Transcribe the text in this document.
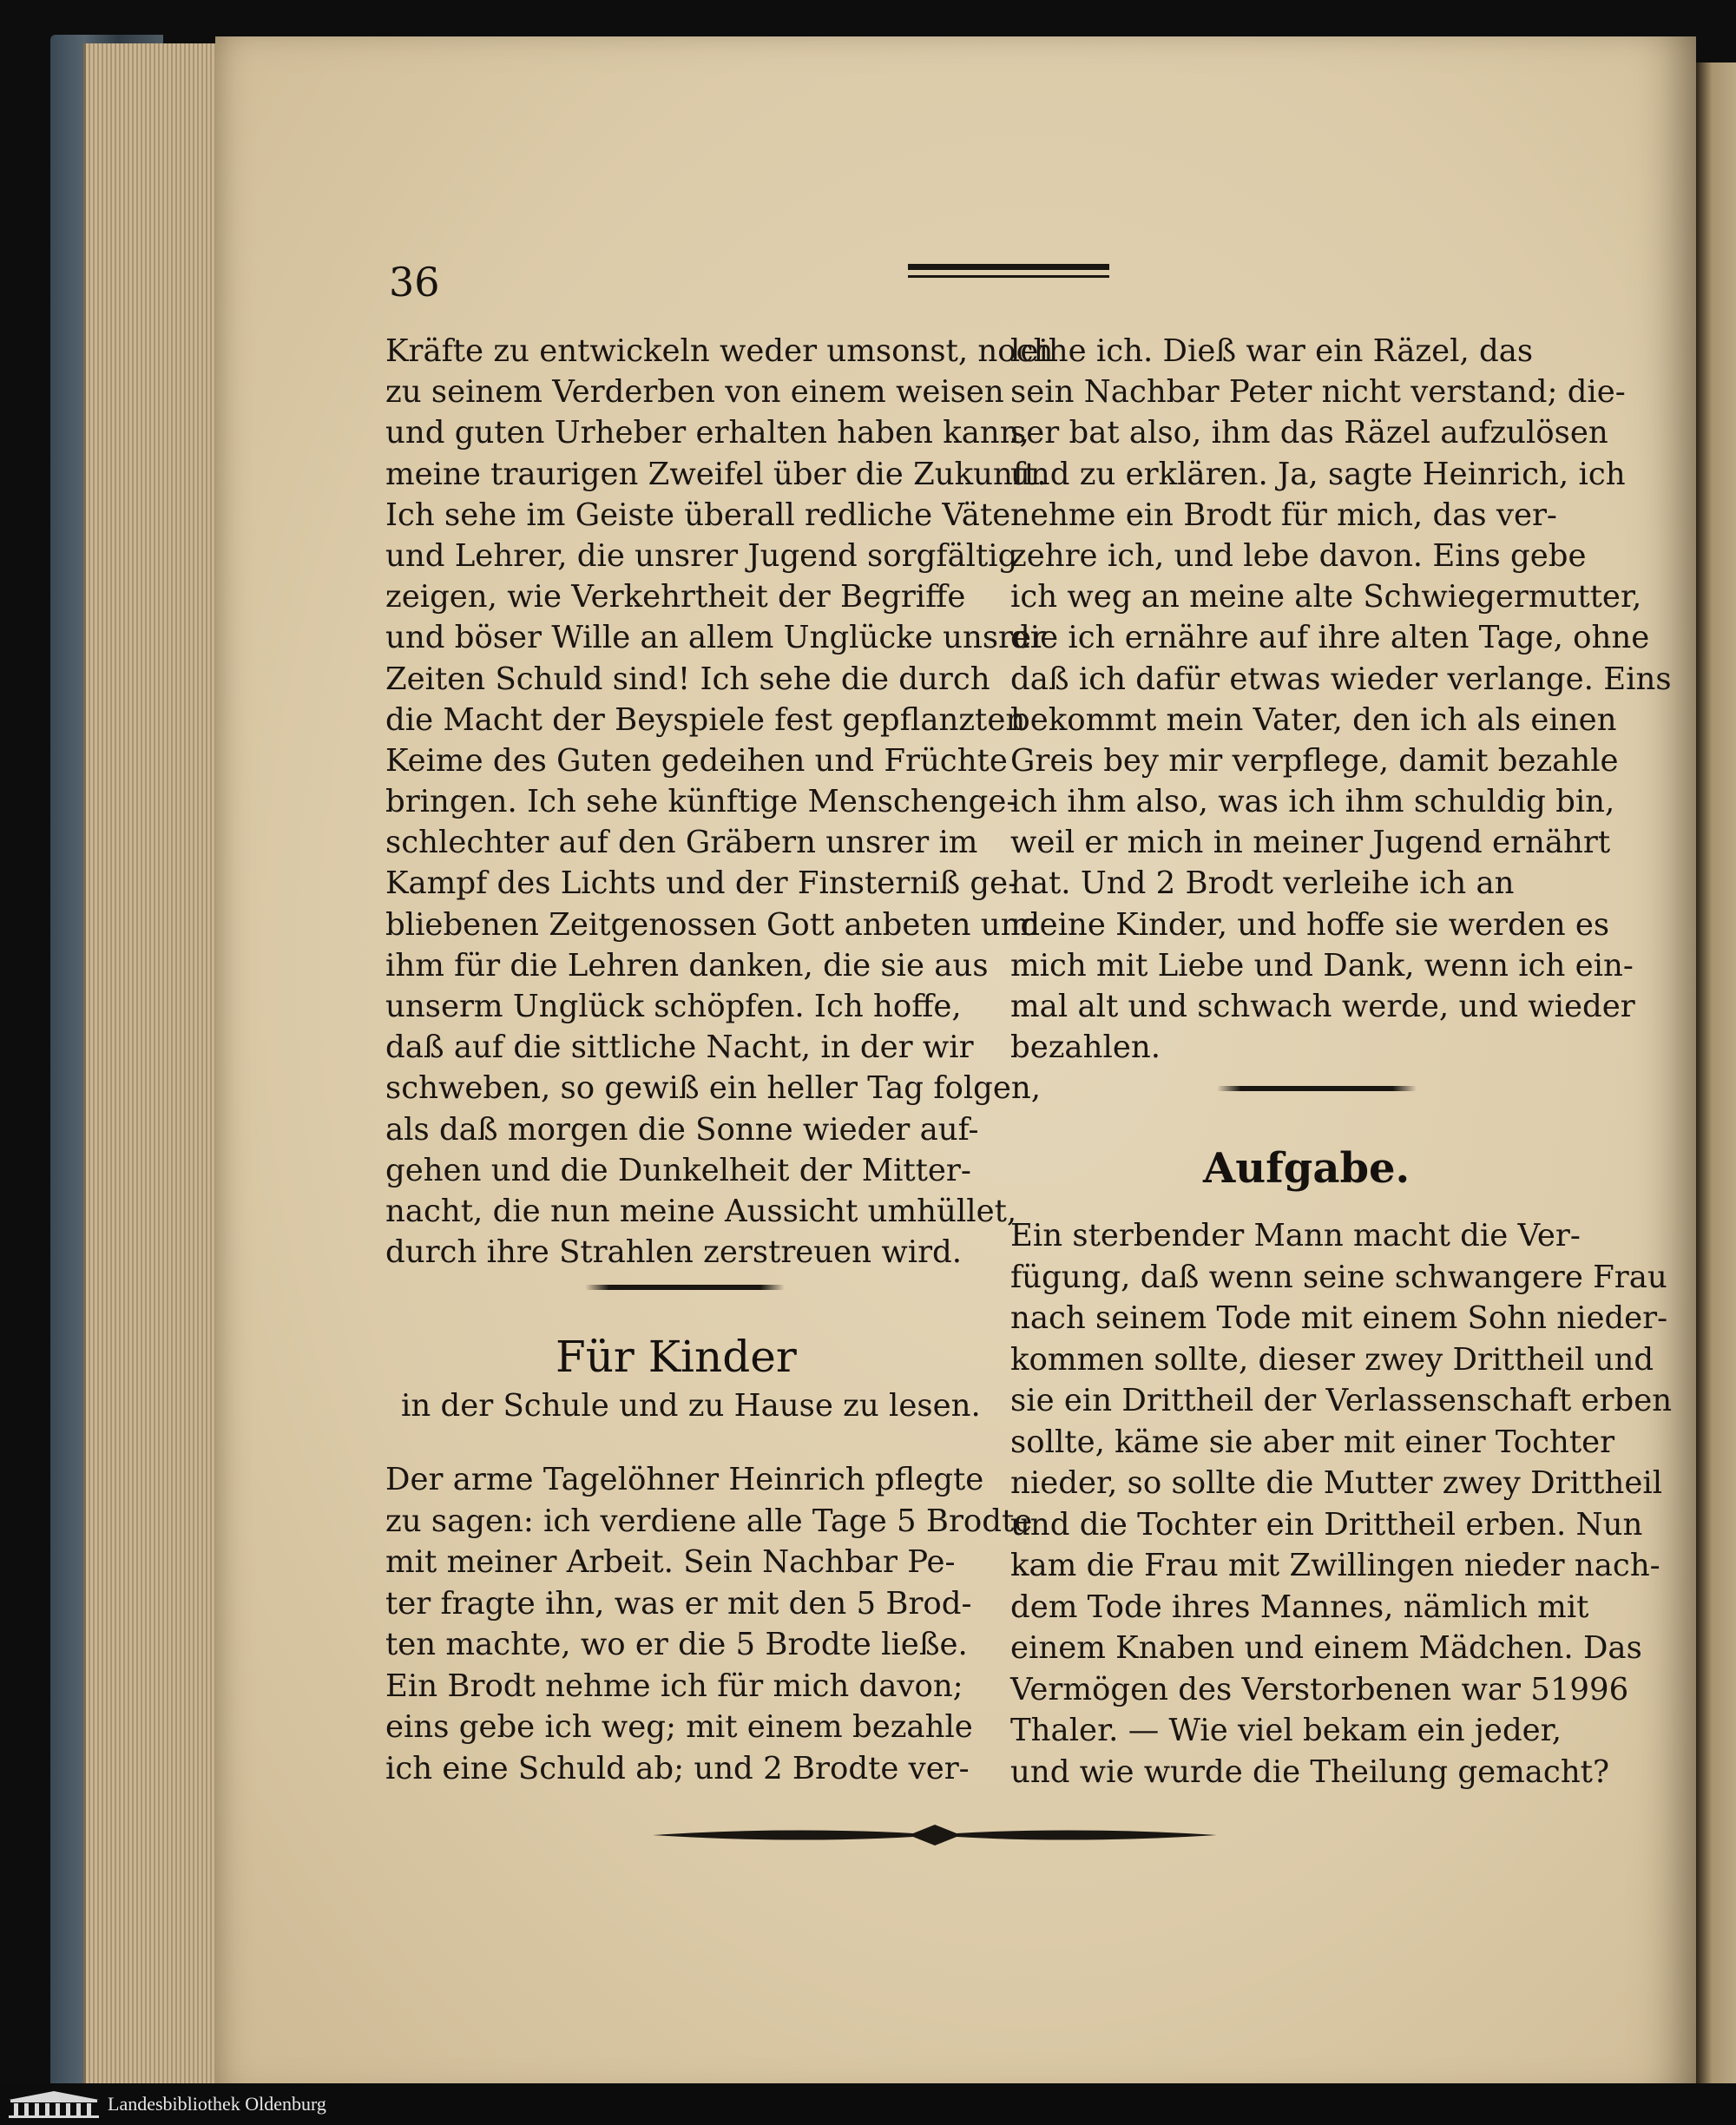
36
Kräfte zu entwickeln weder umsonst, noch
zu seinem Verderben von einem weisen
und guten Urheber erhalten haben kann,
meine traurigen Zweifel über die Zukunft.
Ich sehe im Geiste überall redliche Väter
und Lehrer, die unsrer Jugend sorgfältig
zeigen, wie Verkehrtheit der Begriffe
und böser Wille an allem Unglücke unsrer
Zeiten Schuld sind! Ich sehe die durch
die Macht der Beyspiele fest gepflanzten
Keime des Guten gedeihen und Früchte
bringen. Ich sehe künftige Menschenge-
schlechter auf den Gräbern unsrer im
Kampf des Lichts und der Finsterniß ge-
bliebenen Zeitgenossen Gott anbeten und
ihm für die Lehren danken, die sie aus
unserm Unglück schöpfen. Ich hoffe,
daß auf die sittliche Nacht, in der wir
schweben, so gewiß ein heller Tag folgen,
als daß morgen die Sonne wieder auf-
gehen und die Dunkelheit der Mitter-
nacht, die nun meine Aussicht umhüllet,
durch ihre Strahlen zerstreuen wird.
Für Kinder
in der Schule und zu Hause zu lesen.
Der arme Tagelöhner Heinrich pflegte
zu sagen: ich verdiene alle Tage 5 Brodte
mit meiner Arbeit. Sein Nachbar Pe-
ter fragte ihn, was er mit den 5 Brod-
ten machte, wo er die 5 Brodte ließe.
Ein Brodt nehme ich für mich davon;
eins gebe ich weg; mit einem bezahle
ich eine Schuld ab; und 2 Brodte ver-
leihe ich. Dieß war ein Räzel, das
sein Nachbar Peter nicht verstand; die-
ser bat also, ihm das Räzel aufzulösen
und zu erklären. Ja, sagte Heinrich, ich
nehme ein Brodt für mich, das ver-
zehre ich, und lebe davon. Eins gebe
ich weg an meine alte Schwiegermutter,
die ich ernähre auf ihre alten Tage, ohne
daß ich dafür etwas wieder verlange. Eins
bekommt mein Vater, den ich als einen
Greis bey mir verpflege, damit bezahle
ich ihm also, was ich ihm schuldig bin,
weil er mich in meiner Jugend ernährt
hat. Und 2 Brodt verleihe ich an
meine Kinder, und hoffe sie werden es
mich mit Liebe und Dank, wenn ich ein-
mal alt und schwach werde, und wieder
bezahlen.
Aufgabe.
Ein sterbender Mann macht die Ver-
fügung, daß wenn seine schwangere Frau
nach seinem Tode mit einem Sohn nieder-
kommen sollte, dieser zwey Drittheil und
sie ein Drittheil der Verlassenschaft erben
sollte, käme sie aber mit einer Tochter
nieder, so sollte die Mutter zwey Drittheil
und die Tochter ein Drittheil erben. Nun
kam die Frau mit Zwillingen nieder nach-
dem Tode ihres Mannes, nämlich mit
einem Knaben und einem Mädchen. Das
Vermögen des Verstorbenen war 51996
Thaler. — Wie viel bekam ein jeder,
und wie wurde die Theilung gemacht?
Landesbibliothek Oldenburg
